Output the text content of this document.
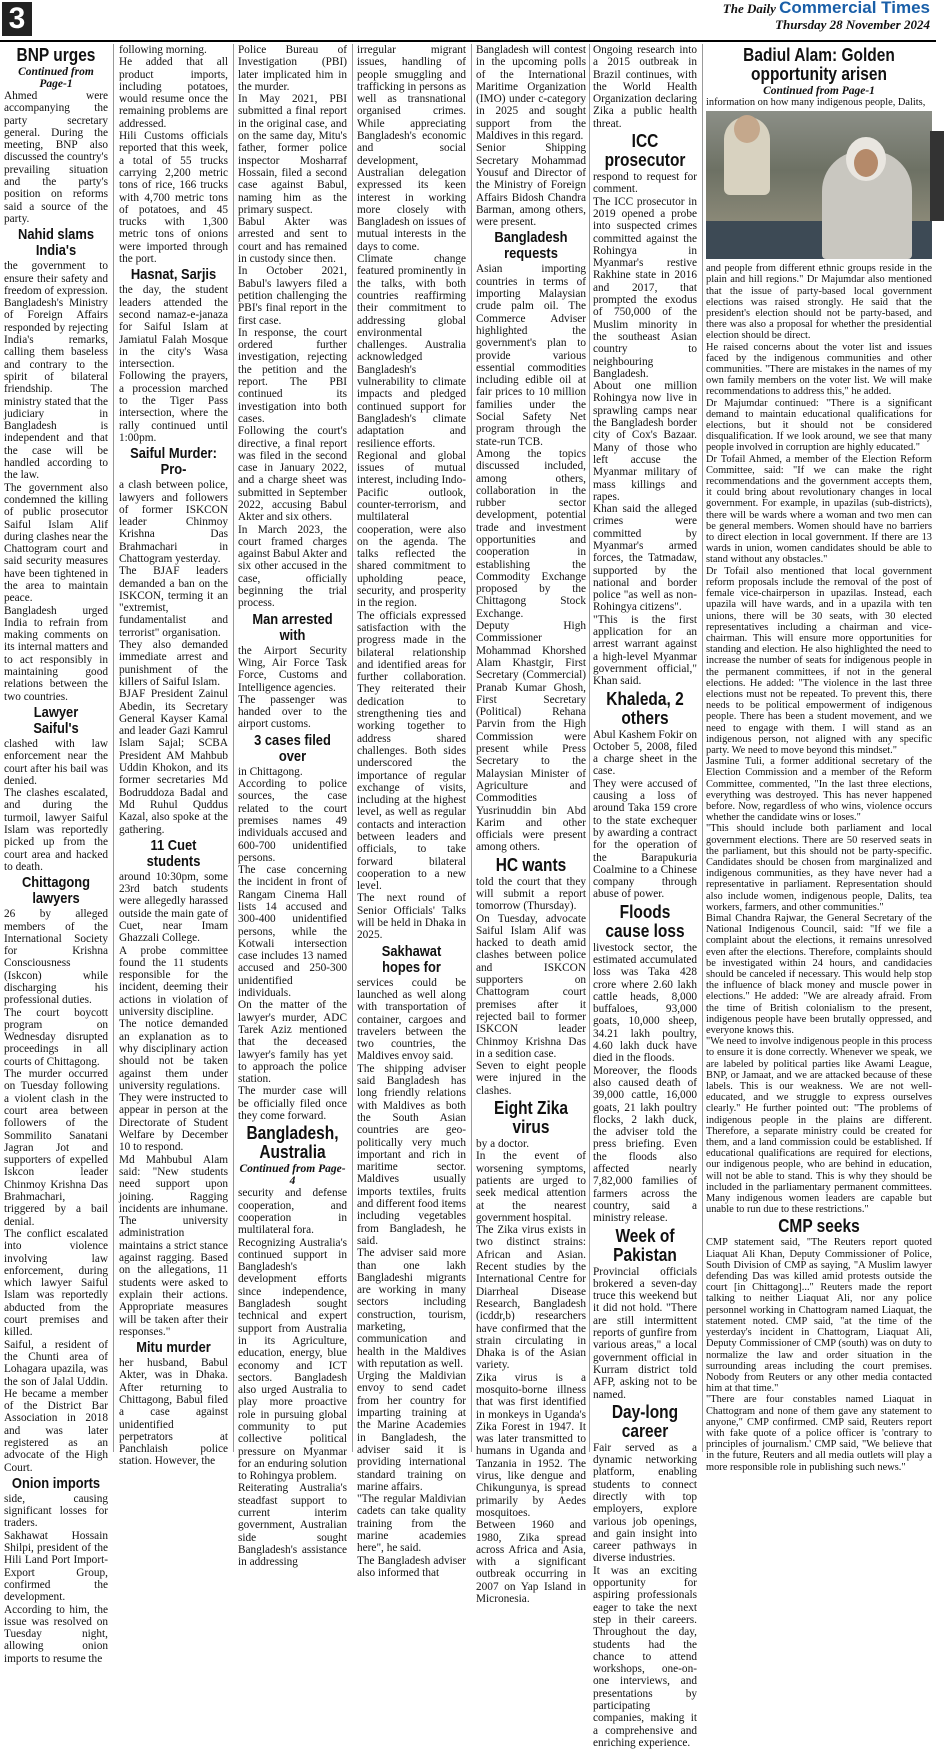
3	The Daily Commercial Times
Thursday 28 November 2024
BNP urges
Continued from Page-1

Ahmed were accompanying the party secretary general. During the meeting, BNP also discussed the country's prevailing situation and the party's position on reforms said a source of the party.

Nahid slams India's

the government to ensure their safety and freedom of expression.

Bangladesh's Ministry of Foreign Affairs responded by rejecting India's remarks, calling them baseless and contrary to the spirit of bilateral friendship. The ministry stated that the judiciary in Bangladesh is independent and that the case will be handled according to the law.

The government also condemned the killing of public prosecutor Saiful Islam Alif during clashes near the Chattogram court and said security measures have been tightened in the area to maintain peace.

Bangladesh urged India to refrain from making comments on its internal matters and to act responsibly in maintaining good relations between the two countries.

Lawyer Saiful's

clashed with law enforcement near the court after his bail was denied.

The clashes escalated, and during the turmoil, lawyer Saiful Islam was reportedly picked up from the court area and hacked to death.

Chittagong lawyers

26 by alleged members of the International Society for Krishna Consciousness (Iskcon) while discharging his professional duties.

The court boycott program on Wednesday disrupted proceedings in all courts of Chittagong.

The murder occurred on Tuesday following a violent clash in the court area between followers of the Sommilito Sanatani Jagran Jot and supporters of expelled Iskcon leader Chinmoy Krishna Das Brahmachari, triggered by a bail denial.

The conflict escalated into violence involving law enforcement, during which lawyer Saiful Islam was reportedly abducted from the court premises and killed.

Saiful, a resident of the Chunti area of Lohagara upazila, was the son of Jalal Uddin. He became a member of the District Bar Association in 2018 and was later registered as an advocate of the High Court.

Onion imports

side, causing significant losses for traders.

Sakhawat Hossain Shilpi, president of the Hili Land Port Import-Export Group, confirmed the development.

According to him, the issue was resolved on Tuesday night, allowing onion imports to resume the

following morning.

He added that all product imports, including potatoes, would resume once the remaining problems are addressed.

Hili Customs officials reported that this week, a total of 55 trucks carrying 2,200 metric tons of rice, 166 trucks with 4,700 metric tons of potatoes, and 45 trucks with 1,300 metric tons of onions were imported through the port.

Hasnat, Sarjis

the day, the student leaders attended the second namaz-e-janaza for Saiful Islam at Jamiatul Falah Mosque in the city's Wasa intersection.

Following the prayers, a procession marched to the Tiger Pass intersection, where the rally continued until 1:00pm.

Saiful Murder: Pro-

a clash between police, lawyers and followers of former ISKCON leader Chinmoy Krishna Das Brahmachari in Chattogram yesterday.

The BJAF leaders demanded a ban on the ISKCON, terming it an "extremist, fundamentalist and terrorist" organisation.

They also demanded immediate arrest and punishment of the killers of Saiful Islam.

BJAF President Zainul Abedin, its Secretary General Kayser Kamal and leader Gazi Kamrul Islam Sajal; SCBA President AM Mahbub Uddin Khokon, and its former secretaries Md Bodruddoza Badal and Md Ruhul Quddus Kazal, also spoke at the gathering.

11 Cuet students

around 10:30pm, some 23rd batch students were allegedly harassed outside the main gate of Cuet, near Imam Ghazzali College.

A probe committee found the 11 students responsible for the incident, deeming their actions in violation of university discipline.

The notice demanded an explanation as to why disciplinary action should not be taken against them under university regulations.

They were instructed to appear in person at the Directorate of Student Welfare by December 10 to respond.

Md Mahbubul Alam said: "New students need support upon joining. Ragging incidents are inhumane. The university administration maintains a strict stance against ragging. Based on the allegations, 11 students were asked to explain their actions. Appropriate measures will be taken after their responses."

Mitu murder

her husband, Babul Akter, was in Dhaka. After returning to Chittagong, Babul filed a case against unidentified perpetrators at Panchlaish police station. However, the

Police Bureau of Investigation (PBI) later implicated him in the murder.

In May 2021, PBI submitted a final report in the original case, and on the same day, Mitu's father, former police inspector Mosharraf Hossain, filed a second case against Babul, naming him as the primary suspect.

Babul Akter was arrested and sent to court and has remained in custody since then.

In October 2021, Babul's lawyers filed a petition challenging the PBI's final report in the first case.

In response, the court ordered further investigation, rejecting the petition and the report. The PBI continued its investigation into both cases.

Following the court's directive, a final report was filed in the second case in January 2022, and a charge sheet was submitted in September 2022, accusing Babul Akter and six others.

In March 2023, the court framed charges against Babul Akter and six other accused in the case, officially beginning the trial process.

Man arrested with

the Airport Security Wing, Air Force Task Force, Customs and Intelligence agencies.

The passenger was handed over to the airport customs.

3 cases filed over

in Chittagong.

According to police sources, the case related to the court premises names 49 individuals accused and 600-700 unidentified persons.

The case concerning the incident in front of Rangam Cinema Hall lists 14 accused and 300-400 unidentified persons, while the Kotwali intersection case includes 13 named accused and 250-300 unidentified individuals.

On the matter of the lawyer's murder, ADC Tarek Aziz mentioned that the deceased lawyer's family has yet to approach the police station.

The murder case will be officially filed once they come forward.

Bangladesh, Australia
Continued from Page- 4

security and defense cooperation, and cooperation in multilateral fora.

Recognizing Australia's continued support in Bangladesh's development efforts since independence, Bangladesh sought technical and expert support from Australia in its Agriculture, education, energy, blue economy and ICT sectors. Bangladesh also urged Australia to play more proactive role in pursuing global community to put collective political pressure on Myanmar for an enduring solution to Rohingya problem.

Reiterating Australia's steadfast support to current interim government, Australian side sought Bangladesh's assistance in addressing

irregular migrant issues, handling of people smuggling and trafficking in persons as well as transnational organised crimes. While appreciating Bangladesh's economic and social development, Australian delegation expressed its keen interest in working more closely with Bangladesh on issues of mutual interests in the days to come.

Climate change featured prominently in the talks, with both countries reaffirming their commitment to addressing global environmental challenges. Australia acknowledged Bangladesh's vulnerability to climate impacts and pledged continued support for Bangladesh's climate adaptation and resilience efforts.

Regional and global issues of mutual interest, including Indo-Pacific outlook, counter-terrorism, and multilateral cooperation, were also on the agenda. The talks reflected the shared commitment to upholding peace, security, and prosperity in the region.

The officials expressed satisfaction with the progress made in the bilateral relationship and identified areas for further collaboration. They reiterated their dedication to strengthening ties and working together to address shared challenges. Both sides underscored the importance of regular exchange of visits, including at the highest level, as well as regular contacts and interaction between leaders and officials, to take forward bilateral cooperation to a new level.

The next round of Senior Officials' Talks will be held in Dhaka in 2025.

Sakhawat hopes for

services could be launched as well along with transportation of container, cargoes and travelers between the two countries, the Maldives envoy said.

The shipping adviser said Bangladesh has long friendly relations with Maldives as both the South Asian countries are geo-politically very much important and rich in maritime sector. Maldives usually imports textiles, fruits and different food items including vegetables from Bangladesh, he said.

The adviser said more than one lakh Bangladeshi migrants are working in many sectors including construction, tourism, marketing, communication and health in the Maldives with reputation as well.

Urging the Maldivian envoy to send cadet from her country for imparting training at the Marine Academies in Bangladesh, the adviser said it is providing international standard training on marine affairs.

"The regular Maldivian cadets can take quality training from the marine academies here", he said.

The Bangladesh adviser also informed that

Bangladesh will contest in the upcoming polls of the International Maritime Organization (IMO) under c-category in 2025 and sought support from the Maldives in this regard.

Senior Shipping Secretary Mohammad Yousuf and Director of the Ministry of Foreign Affairs Bidosh Chandra Barman, among others, were present.

Bangladesh requests

Asian importing countries in terms of importing Malaysian crude palm oil. The Commerce Adviser highlighted the government's plan to provide various essential commodities including edible oil at fair prices to 10 million families under the Social Safety Net program through the state-run TCB.

Among the topics discussed included, among others, collaboration in the rubber sector development, potential trade and investment opportunities and cooperation in establishing the Commodity Exchange proposed by the Chittagong Stock Exchange.

Deputy High Commissioner Mohammad Khorshed Alam Khastgir, First Secretary (Commercial) Pranab Kumar Ghosh, First Secretary (Political) Rehana Parvin from the High Commission were present while Press Secretary to the Malaysian Minister of Agriculture and Commodities Yusrinuddin bin Abd Karim and other officials were present among others.

HC wants

told the court that they will submit a report tomorrow (Thursday).

On Tuesday, advocate Saiful Islam Alif was hacked to death amid clashes between police and ISKCON supporters on Chattogram court premises after it rejected bail to former ISKCON leader Chinmoy Krishna Das in a sedition case.

Seven to eight people were injured in the clashes.

Eight Zika virus

by a doctor.

In the event of worsening symptoms, patients are urged to seek medical attention at the nearest government hospital.

The Zika virus exists in two distinct strains: African and Asian. Recent studies by the International Centre for Diarrheal Disease Research, Bangladesh (icddr,b) researchers have confirmed that the strain circulating in Dhaka is of the Asian variety.

Zika virus is a mosquito-borne illness that was first identified in monkeys in Uganda's Zika Forest in 1947. It was later transmitted to humans in Uganda and Tanzania in 1952. The virus, like dengue and Chikungunya, is spread primarily by Aedes mosquitoes.

Between 1960 and 1980, Zika spread across Africa and Asia, with a significant outbreak occurring in 2007 on Yap Island in Micronesia.

Ongoing research into a 2015 outbreak in Brazil continues, with the World Health Organization declaring Zika a public health threat.

ICC prosecutor

respond to request for comment.

The ICC prosecutor in 2019 opened a probe into suspected crimes committed against the Rohingya in Myanmar's restive Rakhine state in 2016 and 2017, that prompted the exodus of 750,000 of the Muslim minority in the southeast Asian country to neighbouring Bangladesh.

About one million Rohingya now live in sprawling camps near the Bangladesh border city of Cox's Bazaar. Many of those who left accuse the Myanmar military of mass killings and rapes.

Khan said the alleged crimes were committed by Myanmar's armed forces, the Tatmadaw, supported by the national and border police "as well as non-Rohingya citizens".

"This is the first application for an arrest warrant against a high-level Myanmar government official," Khan said.

Khaleda, 2 others

Abul Kashem Fokir on October 5, 2008, filed a charge sheet in the case.

They were accused of causing a loss of around Taka 159 crore to the state exchequer by awarding a contract for the operation of the Barapukuria Coalmine to a Chinese company through abuse of power.

Floods cause loss

livestock sector, the estimated accumulated loss was Taka 428 crore where 2.60 lakh cattle heads, 8,000 buffaloes, 93,000 goats, 10,000 sheep, 34.21 lakh poultry, 4.60 lakh duck have died in the floods.

Moreover, the floods also caused death of 39,000 cattle, 16,000 goats, 21 lakh poultry flocks, 2 lakh duck, the adviser told the press briefing. Even the floods also affected nearly 7,82,000 families of farmers across the country, said a ministry release.

Week of Pakistan

Provincial officials brokered a seven-day truce this weekend but it did not hold. "There are still intermittent reports of gunfire from various areas," a local government official in Kurram district told AFP, asking not to be named.

Day-long career

Fair served as a dynamic networking platform, enabling students to connect directly with top employers, explore various job openings, and gain insight into career pathways in diverse industries.

It was an exciting opportunity for aspiring professionals eager to take the next step in their careers. Throughout the day, students had the chance to attend workshops, one-on-one interviews, and presentations by participating companies, making it a comprehensive and enriching experience.

Badiul Alam: Golden opportunity arisen
Continued from Page-1

information on how many indigenous people, Dalits,

and people from different ethnic groups reside in the plain and hill regions." Dr Majumdar also mentioned that the issue of party-based local government elections was raised strongly. He said that the president's election should not be party-based, and there was also a proposal for whether the presidential election should be direct.

He raised concerns about the voter list and issues faced by the indigenous communities and other communities. "There are mistakes in the names of my own family members on the voter list. We will make recommendations to address this," he added.

Dr Majumdar continued: "There is a significant demand to maintain educational qualifications for elections, but it should not be considered disqualification. If we look around, we see that many people involved in corruption are highly educated."

Dr Tofail Ahmed, a member of the Election Reform Committee, said: "If we can make the right recommendations and the government accepts them, it could bring about revolutionary changes in local government. For example, in upazilas (sub-districts), there will be wards where a woman and two men can be general members. Women should have no barriers to direct election in local government. If there are 13 wards in union, women candidates should be able to stand without any obstacles."

Dr Tofail also mentioned that local government reform proposals include the removal of the post of female vice-chairperson in upazilas. Instead, each upazila will have wards, and in a upazila with ten unions, there will be 30 seats, with 30 elected representatives including a chairman and vice-chairman. This will ensure more opportunities for standing and election. He also highlighted the need to increase the number of seats for indigenous people in the permanent committees, if not in the general elections. He added: "The violence in the last three elections must not be repeated. To prevent this, there needs to be political empowerment of indigenous people. There has been a student movement, and we need to engage with them. I will stand as an indigenous person, not aligned with any specific party. We need to move beyond this mindset."

Jasmine Tuli, a former additional secretary of the Election Commission and a member of the Reform Committee, commented, "In the last three elections, everything was destroyed. This has never happened before. Now, regardless of who wins, violence occurs whether the candidate wins or loses."

"This should include both parliament and local government elections. There are 50 reserved seats in the parliament, but this should not be party-specific. Candidates should be chosen from marginalized and indigenous communities, as they have never had a representative in parliament. Representation should also include women, indigenous people, Dalits, tea workers, farmers, and other communities."

Bimal Chandra Rajwar, the General Secretary of the National Indigenous Council, said: "If we file a complaint about the elections, it remains unresolved even after the elections. Therefore, complaints should be investigated within 24 hours, and candidacies should be canceled if necessary. This would help stop the influence of black money and muscle power in elections." He added: "We are already afraid. From the time of British colonialism to the present, indigenous people have been brutally oppressed, and everyone knows this.

"We need to involve indigenous people in this process to ensure it is done correctly. Whenever we speak, we are labeled by political parties like Awami League, BNP, or Jamaat, and we are attacked because of these labels. This is our weakness. We are not well-educated, and we struggle to express ourselves clearly." He further pointed out: "The problems of indigenous people in the plains are different. Therefore, a separate ministry could be created for them, and a land commission could be established. If educational qualifications are required for elections, our indigenous people, who are behind in education, will not be able to stand. This is why they should be included in the parliamentary permanent committees. Many indigenous women leaders are capable but unable to run due to these restrictions."

CMP seeks

CMP statement said, "The Reuters report quoted Liaquat Ali Khan, Deputy Commissioner of Police, South Division of CMP as saying, "A Muslim lawyer defending Das was killed amid protests outside the court [in Chittagong]..." Reuters made the report talking to neither Liaquat Ali, nor any police personnel working in Chattogram named Liaquat, the statement noted. CMP said, "at the time of the yesterday's incident in Chattogram, Liaquat Ali, Deputy Commissioner of CMP (south) was on duty to normalize the law and order situation in the surrounding areas including the court premises. Nobody from Reuters or any other media contacted him at that time."

"There are four constables named Liaquat in Chattogram and none of them gave any statement to anyone," CMP confirmed. CMP said, Reuters report with fake quote of a police officer is 'contrary to principles of journalism.' CMP said, "We believe that in the future, Reuters and all media outlets will play a more responsible role in publishing such news."
